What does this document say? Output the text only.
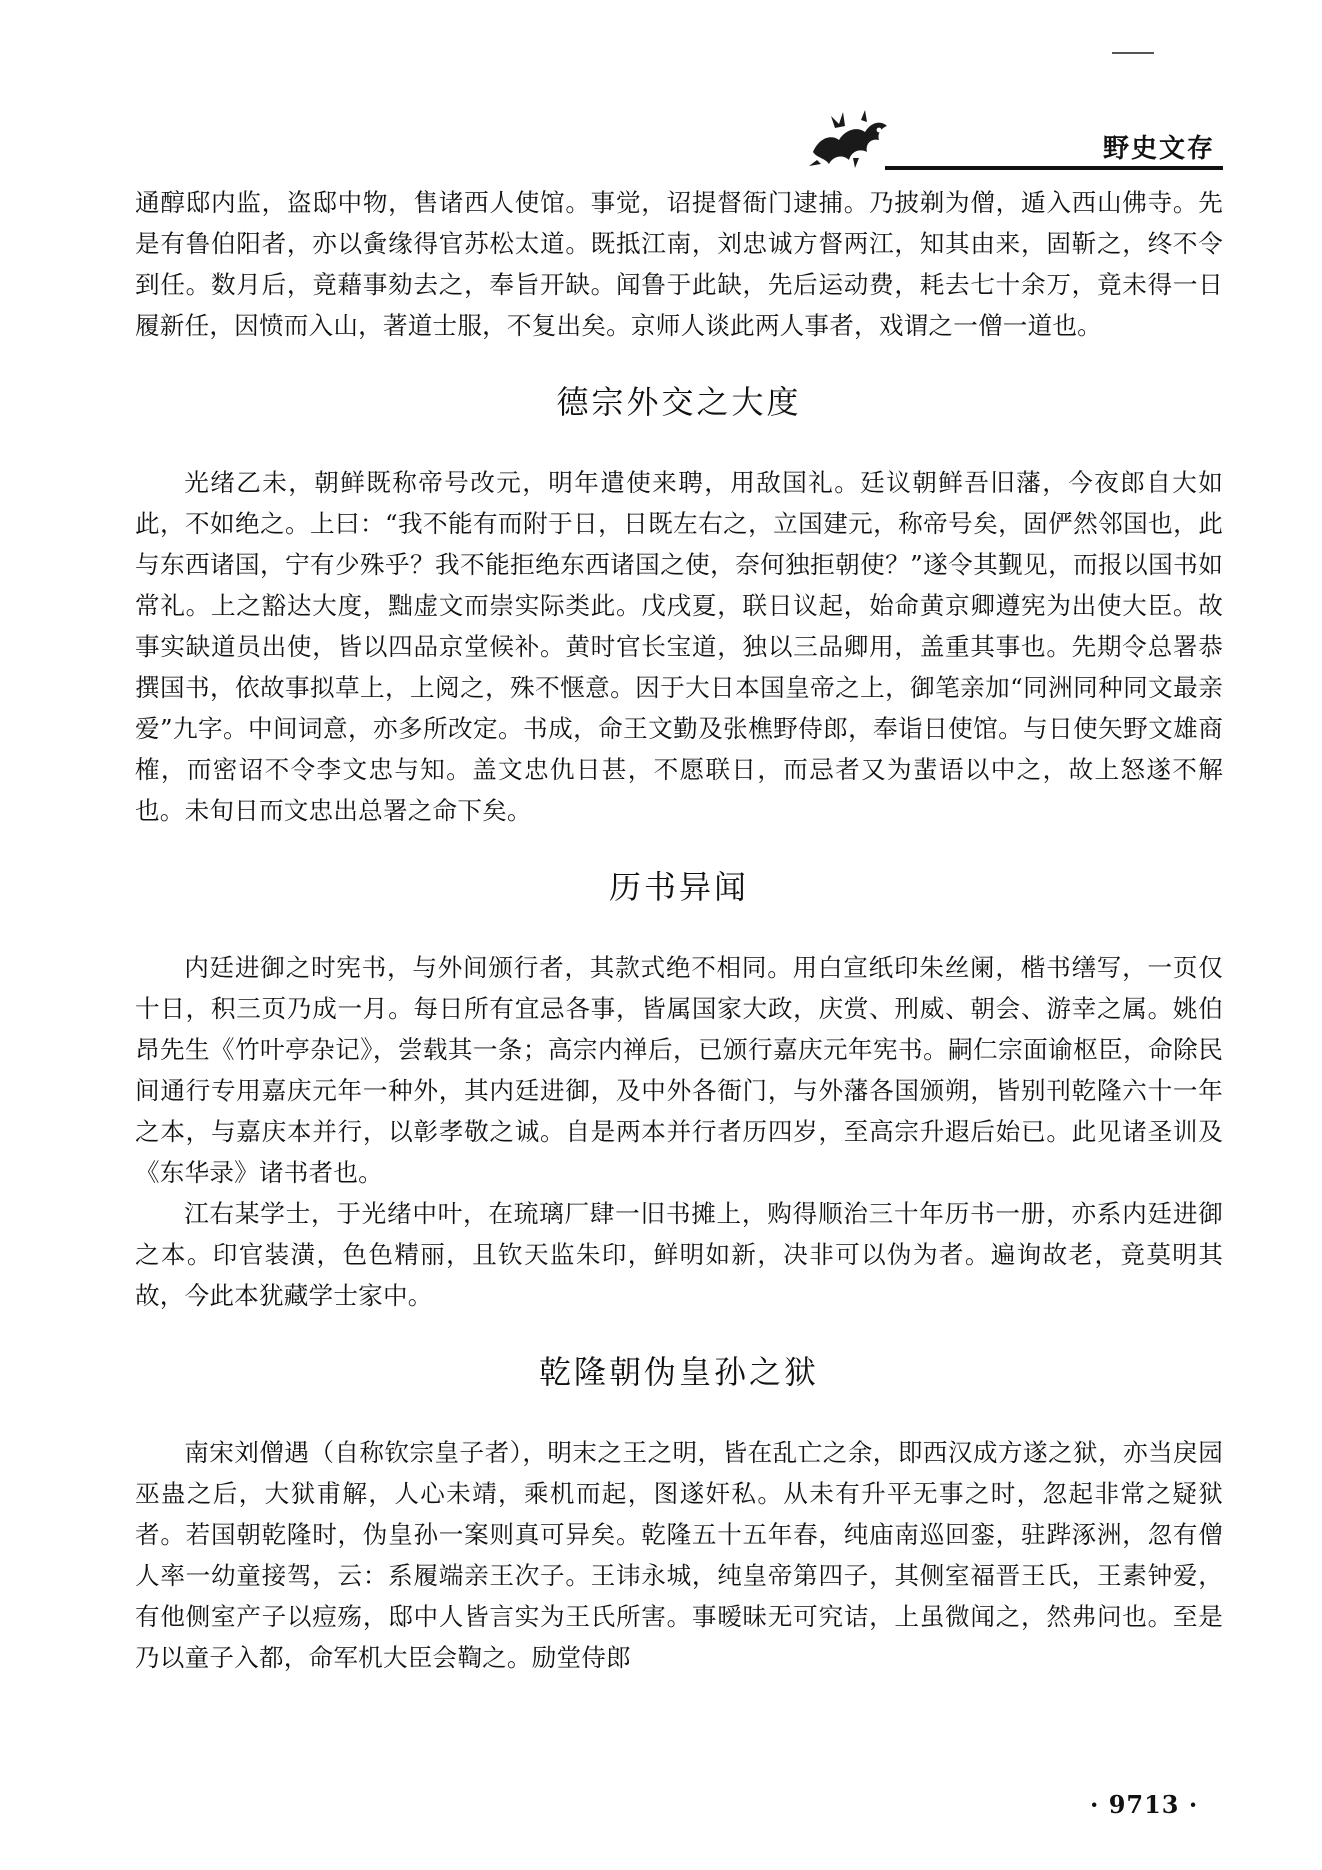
野史文存

通醇邸内监，盗邸中物，售诸西人使馆。事觉，诏提督衙门逮捕。乃披剃为僧，遁入西山佛寺。先是有鲁伯阳者，亦以夤缘得官苏松太道。既抵江南，刘忠诚方督两江，知其由来，固靳之，终不令到任。数月后，竟藉事劾去之，奉旨开缺。闻鲁于此缺，先后运动费，耗去七十余万，竟未得一日履新任，因愤而入山，著道士服，不复出矣。京师人谈此两人事者，戏谓之一僧一道也。

德宗外交之大度

光绪乙未，朝鲜既称帝号改元，明年遣使来聘，用敌国礼。廷议朝鲜吾旧藩，今夜郎自大如此，不如绝之。上曰：“我不能有而附于日，日既左右之，立国建元，称帝号矣，固俨然邻国也，此与东西诸国，宁有少殊乎？我不能拒绝东西诸国之使，奈何独拒朝使？”遂令其觐见，而报以国书如常礼。上之豁达大度，黜虚文而崇实际类此。戊戌夏，联日议起，始命黄京卿遵宪为出使大臣。故事实缺道员出使，皆以四品京堂候补。黄时官长宝道，独以三品卿用，盖重其事也。先期令总署恭撰国书，依故事拟草上，上阅之，殊不惬意。因于大日本国皇帝之上，御笔亲加“同洲同种同文最亲爱”九字。中间词意，亦多所改定。书成，命王文勤及张樵野侍郎，奉诣日使馆。与日使矢野文雄商榷，而密诏不令李文忠与知。盖文忠仇日甚，不愿联日，而忌者又为蜚语以中之，故上怒遂不解也。未旬日而文忠出总署之命下矣。

历书异闻

内廷进御之时宪书，与外间颁行者，其款式绝不相同。用白宣纸印朱丝阑，楷书缮写，一页仅十日，积三页乃成一月。每日所有宜忌各事，皆属国家大政，庆赏、刑威、朝会、游幸之属。姚伯昂先生《竹叶亭杂记》，尝载其一条；高宗内禅后，已颁行嘉庆元年宪书。嗣仁宗面谕枢臣，命除民间通行专用嘉庆元年一种外，其内廷进御，及中外各衙门，与外藩各国颁朔，皆别刊乾隆六十一年之本，与嘉庆本并行，以彰孝敬之诚。自是两本并行者历四岁，至高宗升遐后始已。此见诸圣训及《东华录》诸书者也。

江右某学士，于光绪中叶，在琉璃厂肆一旧书摊上，购得顺治三十年历书一册，亦系内廷进御之本。印官装潢，色色精丽，且钦天监朱印，鲜明如新，决非可以伪为者。遍询故老，竟莫明其故，今此本犹藏学士家中。

乾隆朝伪皇孙之狱

南宋刘僧遇（自称钦宗皇子者），明末之王之明，皆在乱亡之余，即西汉成方遂之狱，亦当戾园巫蛊之后，大狱甫解，人心未靖，乘机而起，图遂奸私。从未有升平无事之时，忽起非常之疑狱者。若国朝乾隆时，伪皇孙一案则真可异矣。乾隆五十五年春，纯庙南巡回銮，驻跸涿洲，忽有僧人率一幼童接驾，云：系履端亲王次子。王讳永城，纯皇帝第四子，其侧室福晋王氏，王素钟爱，有他侧室产子以痘殇，邸中人皆言实为王氏所害。事暧昧无可究诘，上虽微闻之，然弗问也。至是乃以童子入都，命军机大臣会鞫之。励堂侍郎

· 9713 ·
